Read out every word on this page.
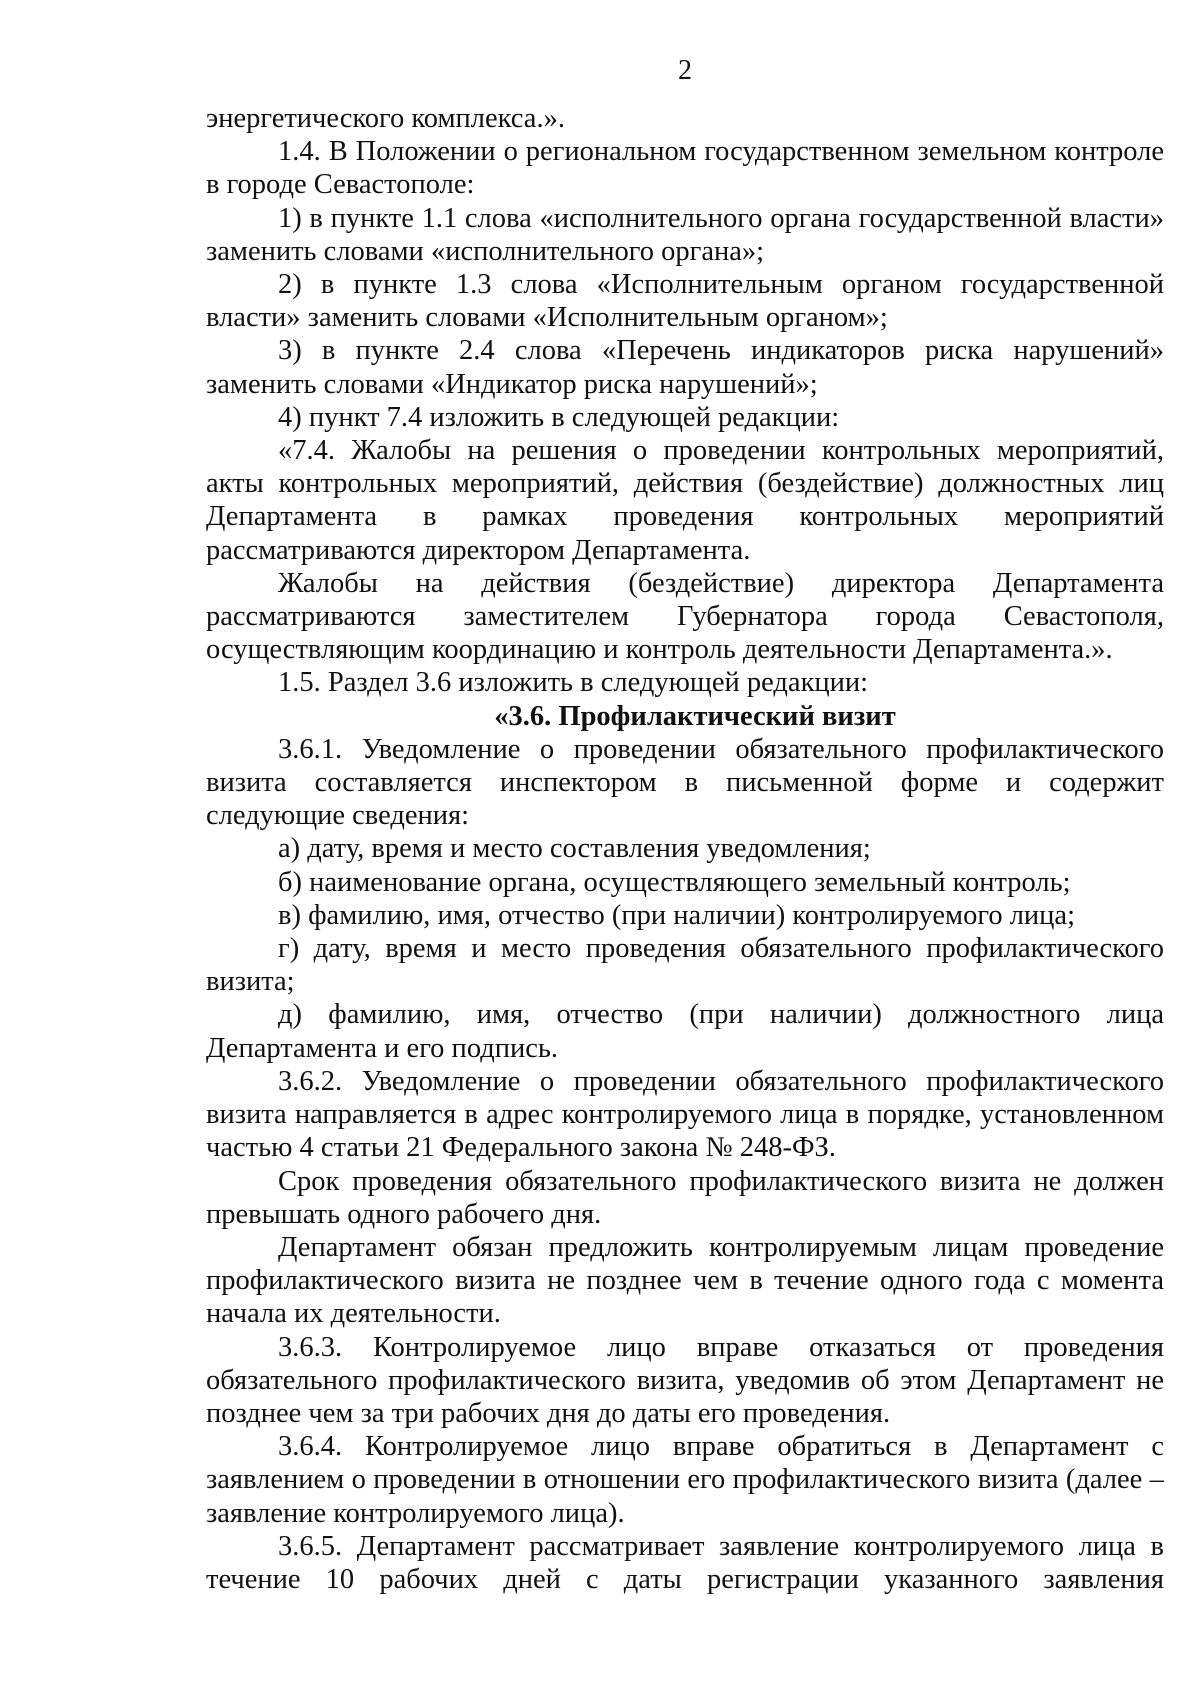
2

энергетического комплекса.».

1.4. В Положении о региональном государственном земельном контроле в городе Севастополе:

1) в пункте 1.1 слова «исполнительного органа государственной власти» заменить словами «исполнительного органа»;

2) в пункте 1.3 слова «Исполнительным органом государственной власти» заменить словами «Исполнительным органом»;

3) в пункте 2.4 слова «Перечень индикаторов риска нарушений» заменить словами «Индикатор риска нарушений»;

4) пункт 7.4 изложить в следующей редакции:

«7.4. Жалобы на решения о проведении контрольных мероприятий, акты контрольных мероприятий, действия (бездействие) должностных лиц Департамента в рамках проведения контрольных мероприятий рассматриваются директором Департамента.

Жалобы на действия (бездействие) директора Департамента рассматриваются заместителем Губернатора города Севастополя, осуществляющим координацию и контроль деятельности Департамента.».

1.5. Раздел 3.6 изложить в следующей редакции:

«3.6. Профилактический визит

3.6.1. Уведомление о проведении обязательного профилактического визита составляется инспектором в письменной форме и содержит следующие сведения:

а) дату, время и место составления уведомления;

б) наименование органа, осуществляющего земельный контроль;

в) фамилию, имя, отчество (при наличии) контролируемого лица;

г) дату, время и место проведения обязательного профилактического визита;

д) фамилию, имя, отчество (при наличии) должностного лица Департамента и его подпись.

3.6.2. Уведомление о проведении обязательного профилактического визита направляется в адрес контролируемого лица в порядке, установленном частью 4 статьи 21 Федерального закона № 248-ФЗ.

Срок проведения обязательного профилактического визита не должен превышать одного рабочего дня.

Департамент обязан предложить контролируемым лицам проведение профилактического визита не позднее чем в течение одного года с момента начала их деятельности.

3.6.3. Контролируемое лицо вправе отказаться от проведения обязательного профилактического визита, уведомив об этом Департамент не позднее чем за три рабочих дня до даты его проведения.

3.6.4. Контролируемое лицо вправе обратиться в Департамент с заявлением о проведении в отношении его профилактического визита (далее – заявление контролируемого лица).

3.6.5. Департамент рассматривает заявление контролируемого лица в течение 10 рабочих дней с даты регистрации указанного заявления
